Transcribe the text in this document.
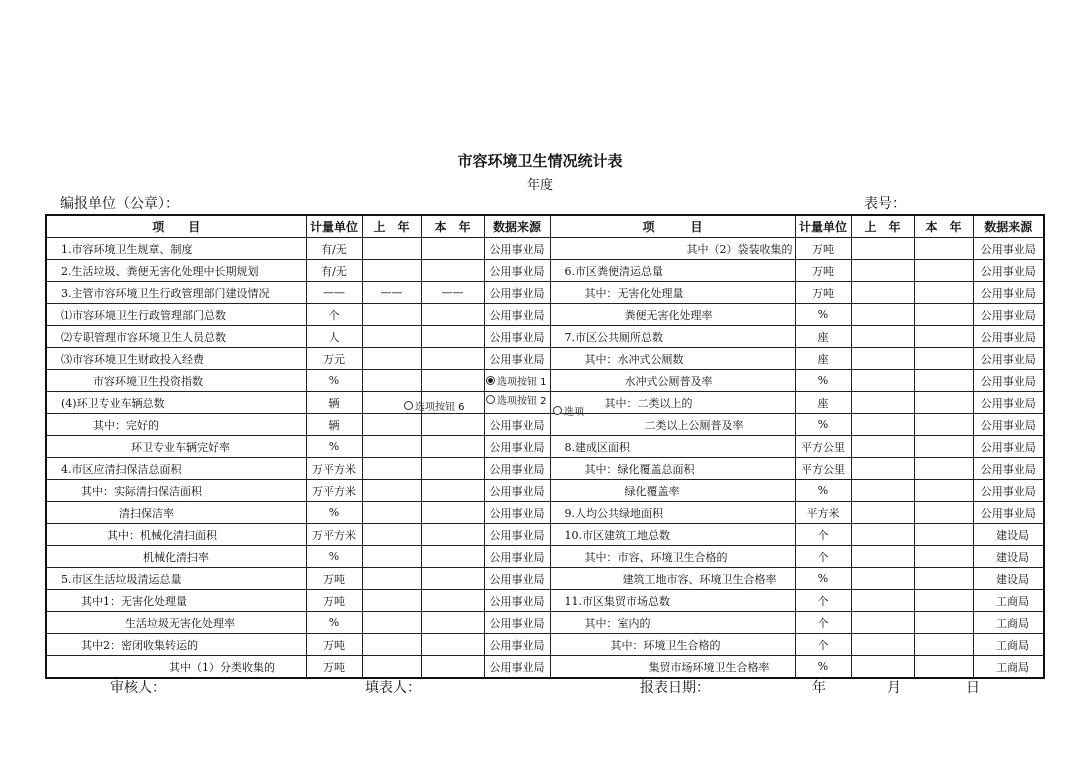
市容环境卫生情况统计表
年度
编报单位（公章）：	表号：
项　　目	计量单位	上　年	本　年	数据来源	项　　　目	计量单位	上　年	本　年	数据来源
1.市容环境卫生规章、制度	有/无			公用事业局	其中（2）袋装收集的	万吨			公用事业局
2.生活垃圾、粪便无害化处理中长期规划	有/无			公用事业局	6.市区粪便清运总量	万吨			公用事业局
3.主管市容环境卫生行政管理部门建设情况	——	——	——	公用事业局	其中：无害化处理量	万吨			公用事业局
⑴市容环境卫生行政管理部门总数	个			公用事业局	粪便无害化处理率	%			公用事业局
⑵专职管理市容环境卫生人员总数	人			公用事业局	7.市区公共厕所总数	座			公用事业局
⑶市容环境卫生财政投入经费	万元			公用事业局	其中：水冲式公厕数	座			公用事业局
市容环境卫生投资指数	%				水冲式公厕普及率	%			公用事业局
(4)环卫专业车辆总数	辆				其中：二类以上的	座			公用事业局
其中：完好的	辆			公用事业局	二类以上公厕普及率	%			公用事业局
环卫专业车辆完好率	%			公用事业局	8.建成区面积	平方公里			公用事业局
4.市区应清扫保洁总面积	万平方米			公用事业局	其中：绿化覆盖总面积	平方公里			公用事业局
其中：实际清扫保洁面积	万平方米			公用事业局	绿化覆盖率	%			公用事业局
清扫保洁率	%			公用事业局	9.人均公共绿地面积	平方米			公用事业局
其中：机械化清扫面积	万平方米			公用事业局	10.市区建筑工地总数	个			建设局
机械化清扫率	%			公用事业局	其中：市容、环境卫生合格的	个			建设局
5.市区生活垃圾清运总量	万吨			公用事业局	建筑工地市容、环境卫生合格率	%			建设局
其中1：无害化处理量	万吨			公用事业局	11.市区集贸市场总数	个			工商局
生活垃圾无害化处理率	%			公用事业局	其中：室内的	个			工商局
其中2：密闭收集转运的	万吨			公用事业局	其中：环境卫生合格的	个			工商局
其中（1）分类收集的	万吨			公用事业局	集贸市场环境卫生合格率	%			工商局
选项按钮 1
选项按钮 2
选项
选项按钮 6
审核人：	填表人：	报表日期：	年	月	日
